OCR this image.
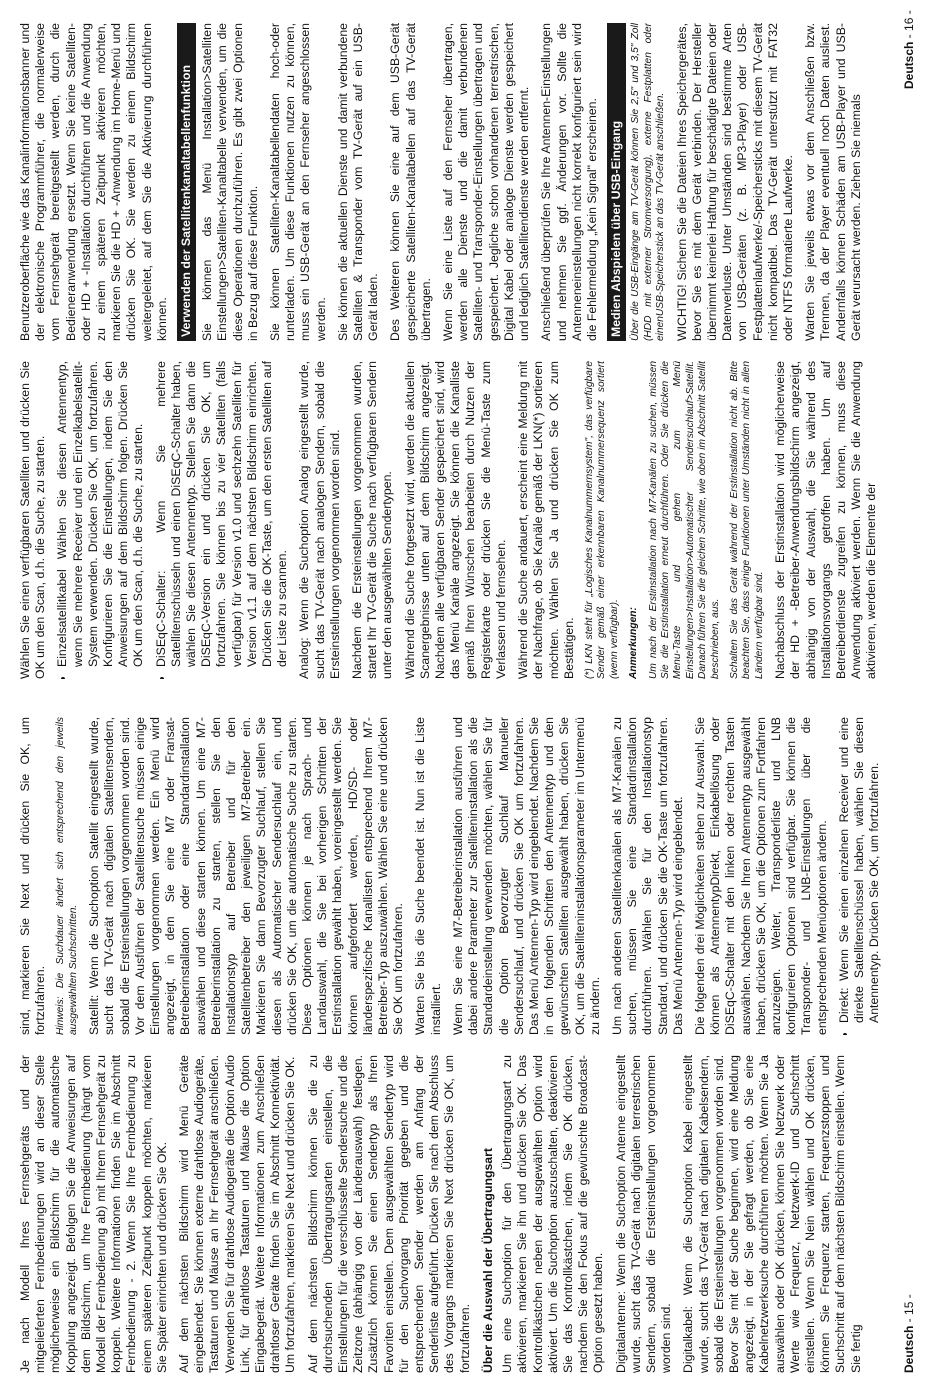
Je nach Modell Ihres Fernsehgeräts und der mitgelieferten Fernbedienungen wird an dieser Stelle möglicherweise ein Bildschirm für die automatische Kopplung angezeigt. Befolgen Sie die Anweisungen auf dem Bildschirm, um Ihre Fernbedienung (hängt vom Modell der Fernbedienung ab) mit Ihrem Fernsehgerät zu koppeln. Weitere Informationen finden Sie im Abschnitt Fernbedienung - 2. Wenn Sie Ihre Fernbedienung zu einem späteren Zeitpunkt koppeln möchten, markieren Sie Später einrichten und drücken Sie OK. Auf dem nächsten Bildschirm wird Menü Geräte eingeblendet. Sie können externe drahtlose Audiogeräte, Tastaturen und Mäuse an Ihr Fernsehgerät anschließen. Verwenden Sie für drahtlose Audiogeräte die Option Audio Link, für drahtlose Tastaturen und Mäuse die Option Eingabegerät. Weitere Informationen zum Anschließen drahtloser Geräte finden Sie im Abschnitt Konnektivität. Um fortzufahren, markieren Sie Next und drücken Sie OK. Auf dem nächsten Bildschirm können Sie die zu durchsuchenden Übertragungsarten einstellen, die Einstellungen für die verschlüsselte Sendersuche und die Zeitzone (abhängig von der Länderauswahl) festlegen. Zusätzlich können Sie einen Sendertyp als Ihren Favoriten einstellen. Dem ausgewählten Sendertyp wird für den Suchvorgang Priorität gegeben und die entsprechenden Sender werden am Anfang der Senderliste aufgeführt. Drücken Sie nach dem Abschluss des Vorgangs markieren Sie Next drücken Sie OK, um fortzufahren. Über die Auswahl der Übertragungsart Um eine Suchoption für den Übertragungsart zu aktivieren, markieren Sie ihn und drücken Sie OK. Das Kontrollkästchen neben der ausgewählten Option wird aktiviert. Um die Suchoption auszuschalten, deaktivieren Sie das Kontrollkästchen, indem Sie OK drücken, nachdem Sie den Fokus auf die gewünschte Broadcast-Option gesetzt haben. Digitalantenne: Wenn die Suchoption Antenne eingestellt wurde, sucht das TV-Gerät nach digitalen terrestrischen Sendern, sobald die Ersteinstellungen vorgenommen worden sind. Digitalkabel: Wenn die Suchoption Kabel eingestellt wurde, sucht das TV-Gerät nach digitalen Kabelsendern, sobald die Ersteinstellungen vorgenommen worden sind. Bevor Sie mit der Suche beginnen, wird eine Meldung angezeigt, in der Sie gefragt werden, ob Sie eine Kabelnetzwerksuche durchführen möchten. Wenn Sie Ja auswählen oder OK drücken, können Sie Netzwerk oder Werte wie Frequenz, Netzwerk-ID und Suchschritt einstellen. Wenn Sie Nein wählen und OK drücken, können Sie Frequenz starten, Frequenzstoppen und Suchschritt auf dem nächsten Bildschirm einstellen. Wenn Sie fertig

sind, markieren Sie Next und drücken Sie OK, um fortzufahren. Hinweis: Die Suchdauer ändert sich entsprechend den jeweils ausgewählten Suchschritten. Satellit: Wenn die Suchoption Satellit eingestellt wurde, sucht das TV-Gerät nach digitalen Satellitensendern, sobald die Ersteinstellungen vorgenommen worden sind. Vor dem Ausführen der Satellitensuche müssen einige Einstellungen vorgenommen werden. Ein Menü wird angezeigt, in dem Sie eine M7 oder Fransat-Betreiberinstallation oder eine Standardinstallation auswählen und diese starten können. Um eine M7-Betreiberinstallation zu starten, stellen Sie den Installationstyp auf Betreiber und für den Satellitenbetreiber den jeweiligen M7-Betreiber ein. Markieren Sie dann Bevorzugter Suchlauf, stellen Sie diesen als Automatischer Sendersuchlauf ein, und drücken Sie OK, um die automatische Suche zu starten. Diese Optionen können je nach Sprach- und Landauswahl, die Sie bei vorherigen Schritten der Erstinstallation gewählt haben, voreingestellt werden. Sie können aufgefordert werden, HD/SD- oder länderspezifische Kanallisten entsprechend Ihrem M7-Betreiber-Typ auszuwählen. Wählen Sie eine und drücken Sie OK um fortzufahren. Warten Sie bis die Suche beendet ist. Nun ist die Liste installiert. Wenn Sie eine M7-Betreiberinstallation ausführen und dabei andere Parameter zur Satelliteninstallation als die Standardeinstellung verwenden möchten, wählen Sie für die Option Bevorzugter Suchlauf Manueller Sendersuchlauf, und drücken Sie OK um fortzufahren. Das Menü Antennen-Typ wird eingeblendet. Nachdem Sie in den folgenden Schritten den Antennentyp und den gewünschten Satelliten ausgewählt haben, drücken Sie OK, um die Satelliteninstallationsparameter im Untermenü zu ändern. Um nach anderen Satellitenkanälen als M7-Kanälen zu suchen, müssen Sie eine Standardinstallation durchführen. Wählen Sie für den Installationstyp Standard, und drücken Sie die OK-Taste um fortzufahren. Das Menü Antennen-Typ wird eingeblendet. Die folgenden drei Möglichkeiten stehen zur Auswahl. Sie können als AntennentypDirekt, Einkabellösung oder DiSEqC-Schalter mit den linken oder rechten Tasten auswählen. Nachdem Sie Ihren Antennentyp ausgewählt haben, drücken Sie OK, um die Optionen zum Fortfahren anzuzeigen. Weiter, Transponderliste und LNB konfigurieren Optionen sind verfügbar. Sie können die Transponder- und LNB-Einstellungen über die entsprechenden Menüoptionen ändern. • Direkt: Wenn Sie einen einzelnen Receiver und eine direkte Satellitenschüssel haben, wählen Sie diesen Antennentyp. Drücken Sie OK, um fortzufahren.

Wählen Sie einen verfügbaren Satelliten und drücken Sie OK um den Scan, d.h. die Suche, zu starten. • Einzelsatellitkabel Wählen Sie diesen Antennentyp, wenn Sie mehrere Receiver und ein Einzelkabelsatellit-System verwenden. Drücken Sie OK, um fortzufahren. Konfigurieren Sie die Einstellungen, indem Sie den Anweisungen auf dem Bildschirm folgen. Drücken Sie OK um den Scan, d.h. die Suche, zu starten. • DiSEqC-Schalter: Wenn Sie mehrere Satellitenschüsseln und einen DiSEqC-Schalter haben, wählen Sie diesen Antennentyp. Stellen Sie dann die DiSEqC-Version ein und drücken Sie OK, um fortzufahren. Sie können bis zu vier Satelliten (falls verfügbar) für Version v1.0 und sechzehn Satelliten für Version v1.1 auf dem nächsten Bildschirm einrichten. Drücken Sie die OK-Taste, um den ersten Satelliten auf der Liste zu scannen. Analog: Wenn die Suchoption Analog eingestellt wurde, sucht das TV-Gerät nach analogen Sendern, sobald die Ersteinstellungen vorgenommen worden sind. Nachdem die Ersteinstellungen vorgenommen wurden, startet Ihr TV-Gerät die Suche nach verfügbaren Sendern unter den ausgewählten Sendertypen. Während die Suche fortgesetzt wird, werden die aktuellen Scanergebnisse unten auf dem Bildschirm angezeigt. Nachdem alle verfügbaren Sender gespeichert sind, wird das Menü Kanäle angezeigt. Sie können die Kanalliste gemäß Ihren Wünschen bearbeiten durch Nutzen der Registerkarte oder drücken Sie die Menü-Taste zum Verlassen und fernsehen. Während die Suche andauert, erscheint eine Meldung mit der Nachfrage, ob Sie Kanäle gemäß der LKN(*) sortieren möchten. Wählen Sie Ja und drücken Sie OK zum Bestätigen. (*) LKN steht für „Logisches Kanalnummernsystem", das verfügbare Sender gemäß einer erkennbaren Kanalnummersequenz sortiert (wenn verfügbar). Anmerkungen: Um nach der Erstinstallation nach M7-Kanälen zu suchen, müssen Sie die Erstinstallation erneut durchführen. Oder Sie drücken die Menu-Taste und gehen zum Menü Einstellungen>Installation>Automatischer Sendersuchlauf>Satellit. Danach führen Sie die gleichen Schritte, wie oben im Abschnitt Satellit beschrieben, aus. Schalten Sie das Gerät während der Erstinstallation nicht ab. Bitte beachten Sie, dass einige Funktionen unter Umständen nicht in allen Ländern verfügbar sind. Nachabschluss der Erstinstallation wird möglicherweise der HD + -Betreiber-Anwendungsbildschirm angezeigt, abhängig von der Auswahl, die Sie während des Installationsvorgangs getroffen haben. Um auf Betreiberdienste zugreifen zu können, muss diese Anwendung aktiviert werden. Wenn Sie die Anwendung aktivieren, werden die Elemente der

Benutzeroberfläche wie das Kanalinformationsbanner und der elektronische Programmführer, die normalerweise vom Fernsehgerät bereitgestellt werden, durch die Bedieneranwendung ersetzt. Wenn Sie keine Satelliten- oder HD + -Installation durchführen und die Anwendung zu einem späteren Zeitpunkt aktivieren möchten, markieren Sie die HD + -Anwendung im Home-Menü und drücken Sie OK. Sie werden zu einem Bildschirm weitergeleitet, auf dem Sie die Aktivierung durchführen können. Verwenden der Satellitenkanaltabellenfunktion Sie können das Menü Installation>Satelliten Einstellungen>Satelliten-Kanaltabelle verwenden, um die diese Operationen durchzuführen. Es gibt zwei Optionen in Bezug auf diese Funktion. Sie können Satelliten-Kanaltabellendaten hoch-oder runterladen. Um diese Funktionen nutzen zu können, muss ein USB-Gerät an den Fernseher angeschlossen werden. Sie können die aktuellen Dienste und damit verbundene Satelliten & Transponder vom TV-Gerät auf ein USB-Gerät laden. Des Weiteren können Sie eine auf dem USB-Gerät gespeicherte Satelliten-Kanaltabellen auf das TV-Gerät übertragen. Wenn Sie eine Liste auf den Fernseher übertragen, werden alle Dienste und die damit verbundenen Satelliten- und Transponder-Einstellungen übertragen und gespeichert. Jegliche schon vorhandenen terrestrischen, Digital Kabel oder analoge Dienste werden gespeichert und lediglich Satellitendienste werden entfernt. Anschließend überprüfen Sie Ihre Antennen-Einstellungen und nehmen Sie ggf. Änderungen vor. Sollte die Antenneneinstellungen nicht korrekt konfiguriert sein wird die Fehlermeldung „Kein Signal" erscheinen. Medien Abspielen über USB-Eingang Über die USB-Eingänge am TV-Gerät können Sie 2,5" und 3,5" Zoll (HDD mit externer Stromversorgung), externe Festplatten oder einenUSB-Speicherstick an das TV-Gerät anschließen. WICHTIG! Sichern Sie die Dateien Ihres Speichergerätes, bevor Sie es mit dem Gerät verbinden. Der Hersteller übernimmt keinerlei Haftung für beschädigte Dateien oder Datenverluste. Unter Umständen sind bestimmte Arten von USB-Geräten (z. B. MP3-Player) oder USB-Festplattenlaufwerke/-Speichersticks mit diesem TV-Gerät nicht kompatibel. Das TV-Gerät unterstützt mit FAT32 oder NTFS formatierte Laufwerke. Warten Sie jeweils etwas vor dem Anschließen bzw. Trennen, da der Player eventuell noch Daten ausliest. Andernfalls können Schäden am USB-Player und USB-Gerät verursacht werden. Ziehen Sie niemals

Deutsch - 15 -
Deutsch - 16 -
